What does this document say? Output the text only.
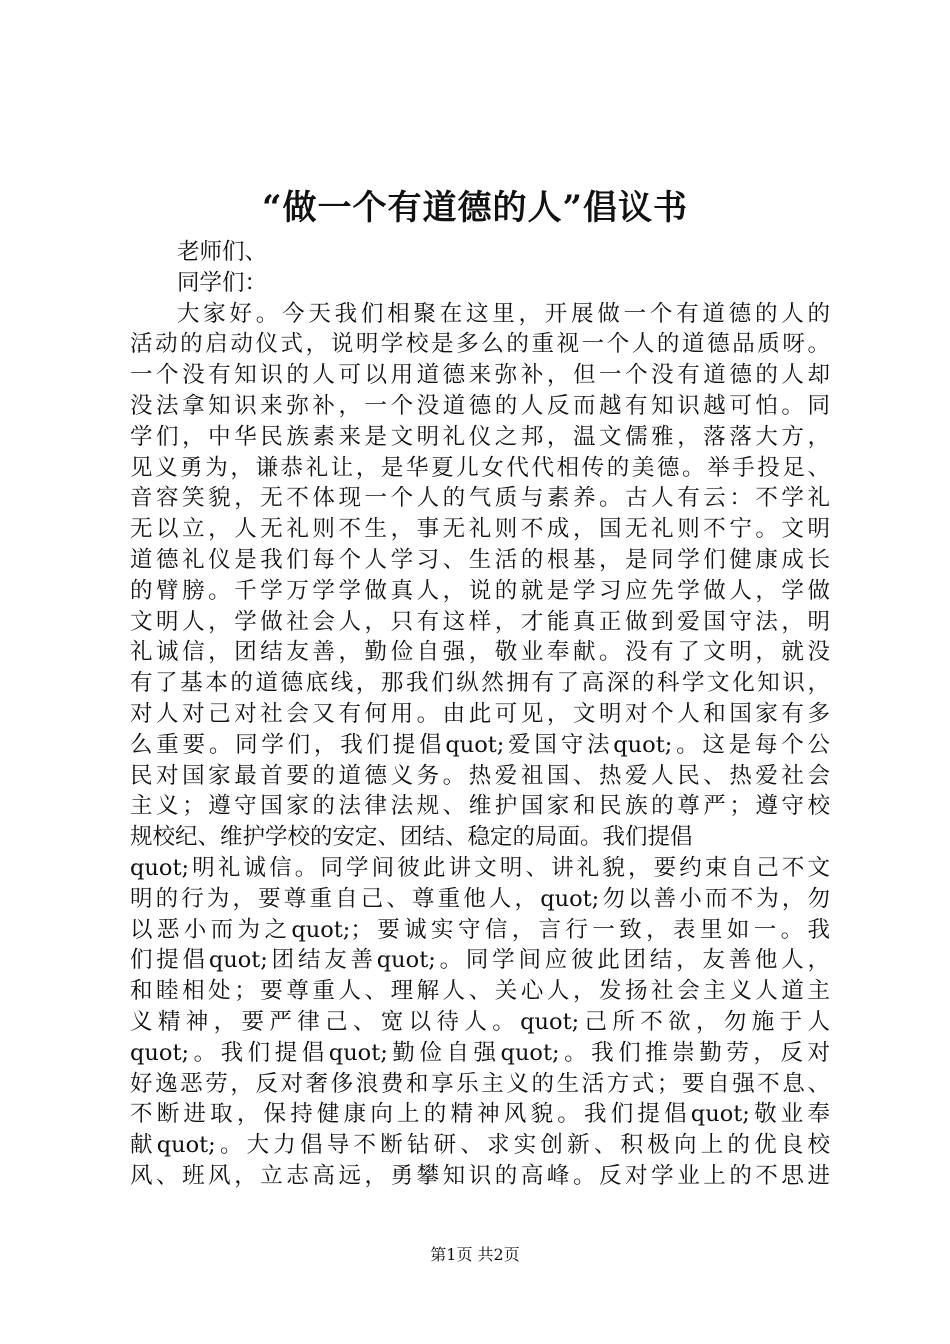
“做一个有道德的人”倡议书

老师们、

同学们：

大家好。今天我们相聚在这里，开展做一个有道德的人的

活动的启动仪式，说明学校是多么的重视一个人的道德品质呀。

一个没有知识的人可以用道德来弥补，但一个没有道德的人却

没法拿知识来弥补，一个没道德的人反而越有知识越可怕。同

学们，中华民族素来是文明礼仪之邦，温文儒雅，落落大方，

见义勇为，谦恭礼让，是华夏儿女代代相传的美德。举手投足、

音容笑貌，无不体现一个人的气质与素养。古人有云：不学礼

无以立，人无礼则不生，事无礼则不成，国无礼则不宁。文明

道德礼仪是我们每个人学习、生活的根基，是同学们健康成长

的臂膀。千学万学学做真人，说的就是学习应先学做人，学做

文明人，学做社会人，只有这样，才能真正做到爱国守法，明

礼诚信，团结友善，勤俭自强，敬业奉献。没有了文明，就没

有了基本的道德底线，那我们纵然拥有了高深的科学文化知识，

对人对己对社会又有何用。由此可见，文明对个人和国家有多

么重要。同学们，我们提倡quot;爱国守法quot;。这是每个公

民对国家最首要的道德义务。热爱祖国、热爱人民、热爱社会

主义；遵守国家的法律法规、维护国家和民族的尊严；遵守校

规校纪、维护学校的安定、团结、稳定的局面。我们提倡

quot;明礼诚信。同学间彼此讲文明、讲礼貌，要约束自己不文

明的行为，要尊重自己、尊重他人，quot;勿以善小而不为，勿

以恶小而为之quot;；要诚实守信，言行一致，表里如一。我

们提倡quot;团结友善quot;。同学间应彼此团结，友善他人，

和睦相处；要尊重人、理解人、关心人，发扬社会主义人道主

义精神，要严律己、宽以待人。quot;己所不欲，勿施于人

quot;。我们提倡quot;勤俭自强quot;。我们推崇勤劳，反对

好逸恶劳，反对奢侈浪费和享乐主义的生活方式；要自强不息、

不断进取，保持健康向上的精神风貌。我们提倡quot;敬业奉

献quot;。大力倡导不断钻研、求实创新、积极向上的优良校

风、班风，立志高远，勇攀知识的高峰。反对学业上的不思进

第1页 共2页
